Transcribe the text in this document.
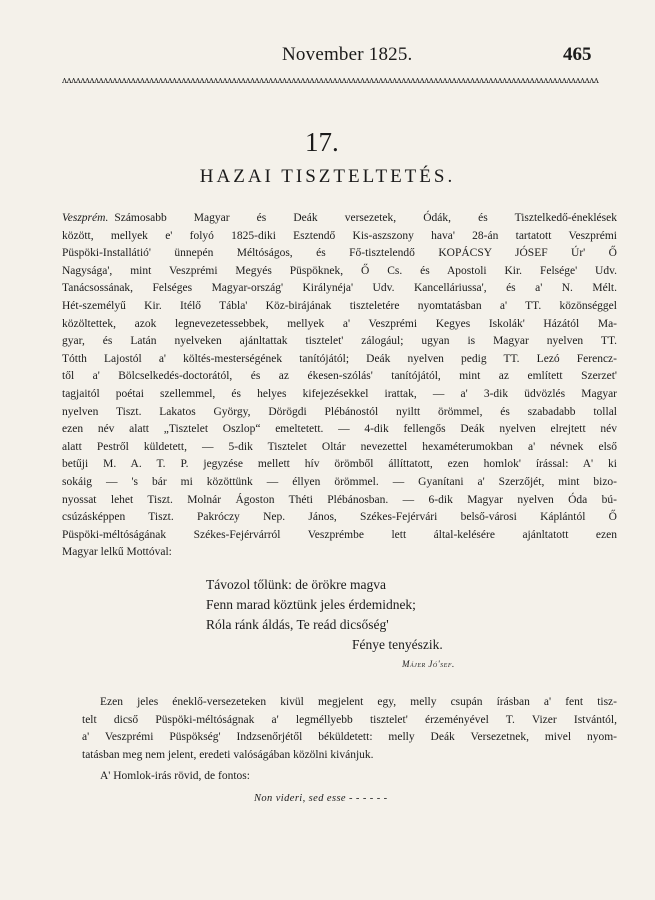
November 1825.	465
ʌʌʌʌʌʌʌʌʌʌʌʌʌʌʌʌʌʌʌʌʌʌʌʌʌʌʌʌʌʌʌʌʌʌʌʌʌʌʌʌʌʌʌʌʌʌʌʌʌʌʌʌʌʌʌʌʌʌʌʌʌʌʌʌʌʌʌʌʌʌʌʌʌʌʌʌʌʌʌʌʌʌʌʌʌʌʌʌʌʌʌʌʌʌʌʌʌʌʌʌʌʌʌʌʌʌʌʌʌʌʌʌʌʌʌʌʌ
17.
HAZAI TISZTELTETÉS.
Veszprém. Számosabb Magyar és Deák versezetek, Ódák, és Tisztelkedő-éneklések
között, mellyek e' folyó 1825-diki Esztendő Kis-aszszony hava' 28-án tartatott Veszprémi
Püspöki-Installátió' ünnepén Méltóságos, és Fő-tisztelendő KOPÁCSY JÓSEF Úr' Ő
Nagysága', mint Veszprémi Megyés Püspöknek, Ő Cs. és Apostoli Kir. Felsége' Udv.
Tanácsossának, Felséges Magyar-ország' Királynéja' Udv. Kancelláriussa', és a' N. Mélt.
Hét-személyű Kir. Itélő Tábla' Köz-birájának tiszteletére nyomtatásban a' TT. közönséggel
közöltettek, azok legnevezetessebbek, mellyek a' Veszprémi Kegyes Iskolák' Házától Ma-
gyar, és Latán nyelveken ajánltattak tisztelet' zálogául; ugyan is Magyar nyelven TT.
Tótth Lajostól a' költés-mesterségének tanítójától; Deák nyelven pedig TT. Lezó Ferencz-
től a' Bölcselkedés-doctorától, és az ékesen-szólás' tanítójától, mint az említett Szerzet'
tagjaitól poétai szellemmel, és helyes kifejezésekkel irattak, — a' 3-dik üdvözlés Magyar
nyelven Tiszt. Lakatos György, Dörögdi Plébánostól nyiltt örömmel, és szabadabb tollal
ezen név alatt „Tisztelet Oszlop“ emeltetett. — 4-dik fellengős Deák nyelven elrejtett név
alatt Pestről küldetett, — 5-dik Tisztelet Oltár nevezettel hexaméterumokban a' névnek első
betűji M. A. T. P. jegyzése mellett hív örömből állíttatott, ezen homlok' írással: A' ki
sokáig — 's bár mi közöttünk — éllyen örömmel. — Gyanítani a' Szerzőjét, mint bizo-
nyossat lehet Tiszt. Molnár Ágoston Théti Plébánosban. — 6-dik Magyar nyelven Óda bú-
csúzásképpen Tiszt. Pakróczy Nep. János, Székes-Fejérvári belső-városi Káplántól Ő
Püspöki-méltóságának Székes-Fejérvárról Veszprémbe lett által-kelésére ajánltatott ezen
Magyar lelkű Mottóval:
Távozol tőlünk: de örökre magva
Fenn marad köztünk jeles érdemidnek;
Róla ránk áldás, Te reád dicsőség'
Fénye tenyészik.
Májer Jó'sef.
Ezen jeles éneklő-versezeteken kivül megjelent egy, melly csupán írásban a' fent tisz-
telt dicső Püspöki-méltóságnak a' legméllyebb tisztelet' érzeményével T. Vizer Istvántól,
a' Veszprémi Püspökség' Indzsenőrjétől béküldetett: melly Deák Versezetnek, mivel nyom-
tatásban meg nem jelent, eredeti valóságában közölni kivánjuk.
A' Homlok-irás rövid, de fontos:
Non videri, sed esse - - - - - -
